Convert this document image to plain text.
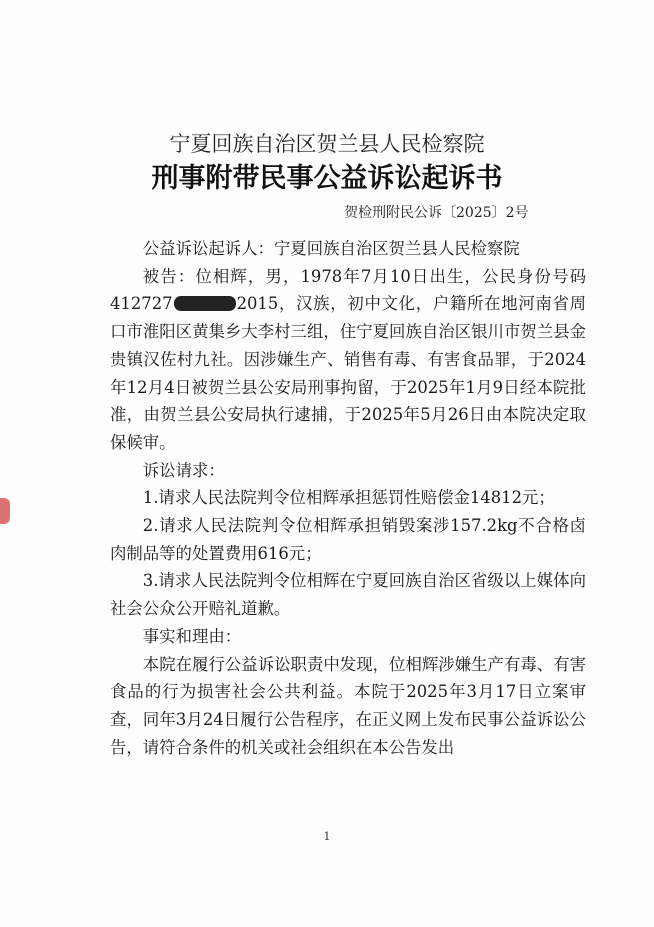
宁夏回族自治区贺兰县人民检察院
刑事附带民事公益诉讼起诉书
贺检刑附民公诉〔2025〕2号

公益诉讼起诉人：宁夏回族自治区贺兰县人民检察院

被告：位相辉，男，1978年7月10日出生，公民身份号码412727	2015，汉族，初中文化，户籍所在地河南省周口市淮阳区黄集乡大李村三组，住宁夏回族自治区银川市贺兰县金贵镇汉佐村九社。因涉嫌生产、销售有毒、有害食品罪，于2024年12月4日被贺兰县公安局刑事拘留，于2025年1月9日经本院批准，由贺兰县公安局执行逮捕，于2025年5月26日由本院决定取保候审。

诉讼请求：

1.请求人民法院判令位相辉承担惩罚性赔偿金14812元；

2.请求人民法院判令位相辉承担销毁案涉157.2kg不合格卤肉制品等的处置费用616元；

3.请求人民法院判令位相辉在宁夏回族自治区省级以上媒体向社会公众公开赔礼道歉。

事实和理由：

本院在履行公益诉讼职责中发现，位相辉涉嫌生产有毒、有害食品的行为损害社会公共利益。本院于2025年3月17日立案审查，同年3月24日履行公告程序，在正义网上发布民事公益诉讼公告，请符合条件的机关或社会组织在本公告发出

1
